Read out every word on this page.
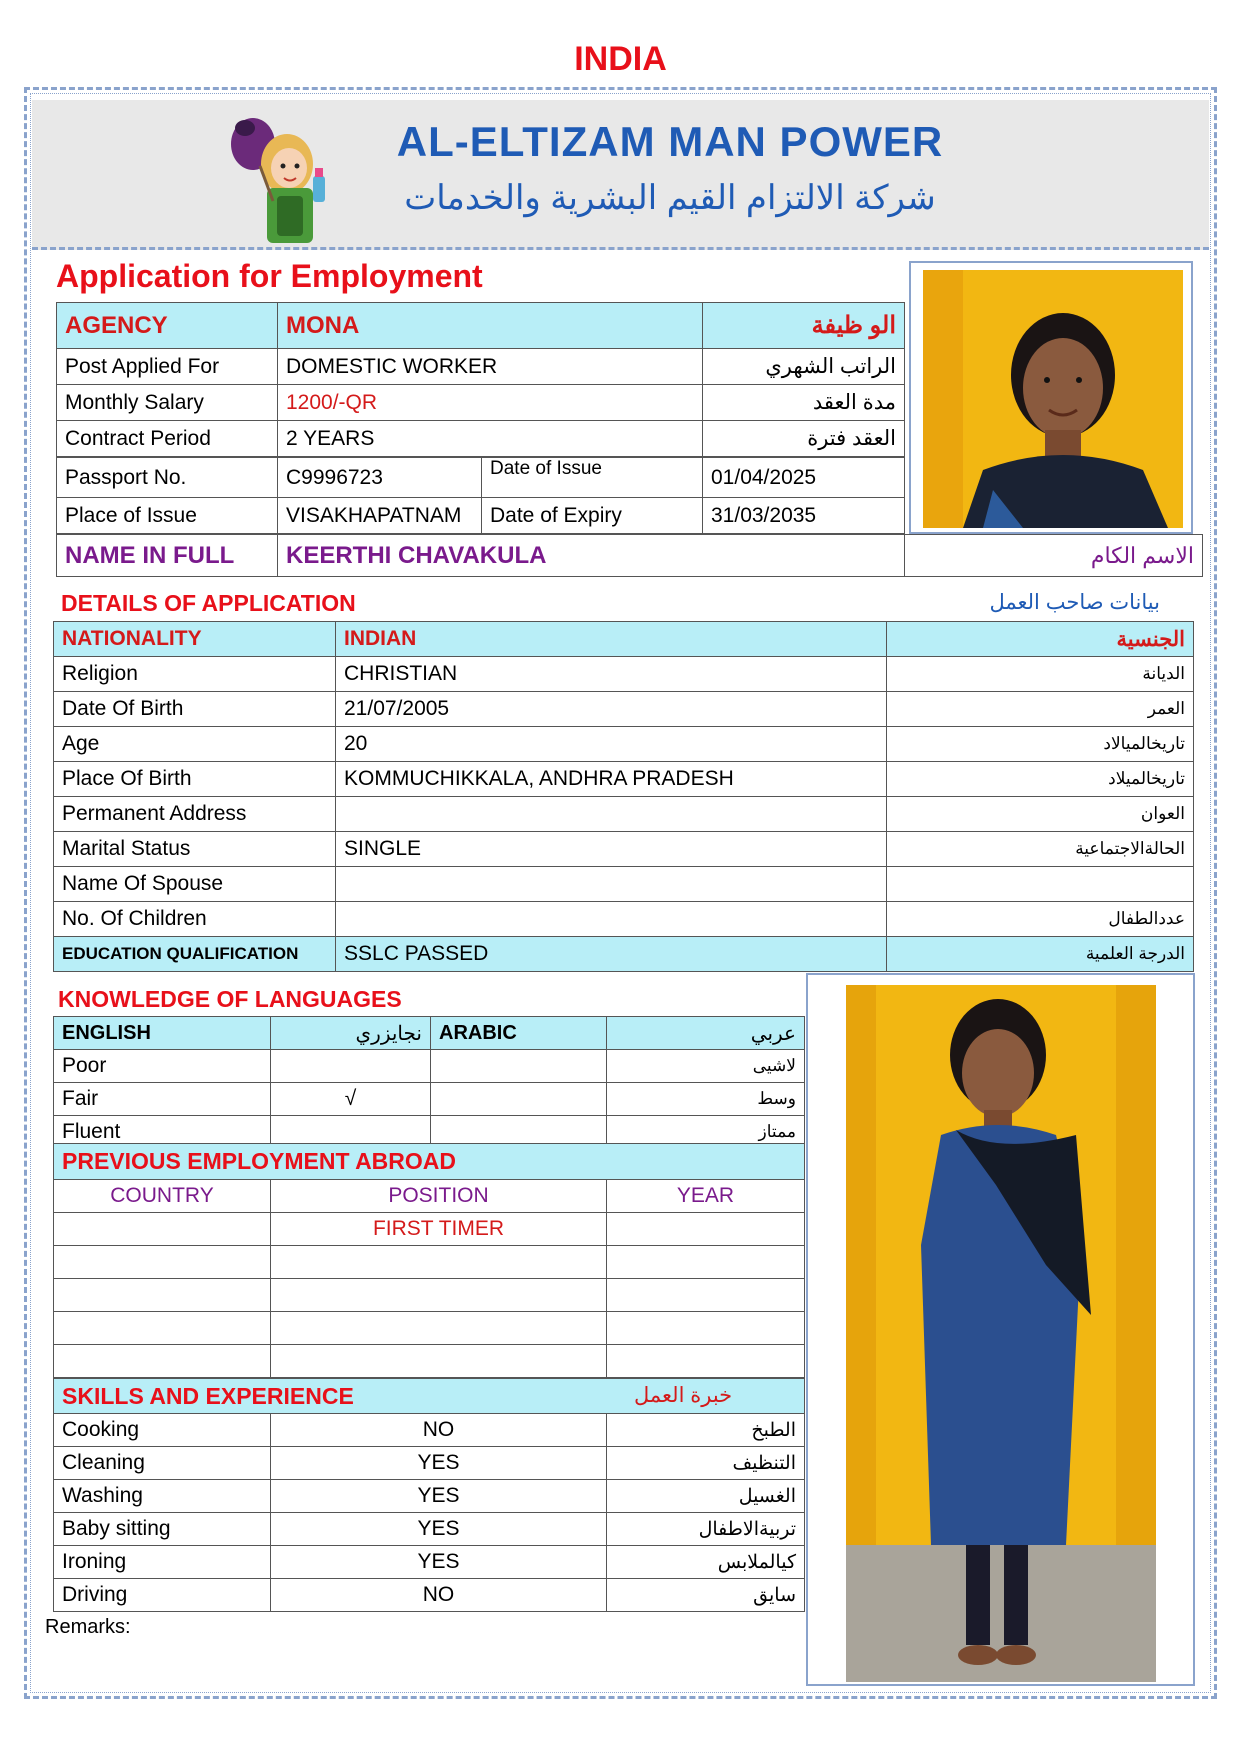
INDIA
AL-ELTIZAM MAN POWER
شركة الالتزام القيم البشرية والخدمات
Application for Employment
AGENCY	MONA	الو ظيفة
Post Applied For	DOMESTIC WORKER	الراتب الشهري
Monthly Salary	1200/-QR	مدة العقد
Contract Period	2 YEARS	العقد فترة
Passport No.	C9996723	Date of Issue	01/04/2025
Place of Issue	VISAKHAPATNAM	Date of Expiry	31/03/2035
NAME IN FULL	KEERTHI CHAVAKULA	الاسم الكام
DETAILS OF APPLICATION	بيانات صاحب العمل
NATIONALITY	INDIAN	الجنسية
Religion	CHRISTIAN	الديانة
Date Of Birth	21/07/2005	العمر
Age	20	تاريخالميالاد
Place Of Birth	KOMMUCHIKKALA, ANDHRA PRADESH	تاريخالميلاد
Permanent Address		العوان
Marital Status	SINGLE	الحالةالاجتماعية
Name Of Spouse		
No. Of Children		عددالطفال
EDUCATION QUALIFICATION	SSLC PASSED	الدرجة العلمية
KNOWLEDGE OF LANGUAGES
ENGLISH	نجايزري	ARABIC	عربي
Poor			لاشيى
Fair	√		وسط
Fluent			ممتاز
PREVIOUS EMPLOYMENT ABROAD		
COUNTRY	POSITION	YEAR
	FIRST TIMER	

SKILLS AND EXPERIENCE خبرة العمل		

Cooking	NO	الطبخ
Cleaning	YES	التنظيف
Washing	YES	الغسيل
Baby sitting	YES	تربيةالاطفال
Ironing	YES	كيالملابس
Driving	NO	سايق
Remarks:
